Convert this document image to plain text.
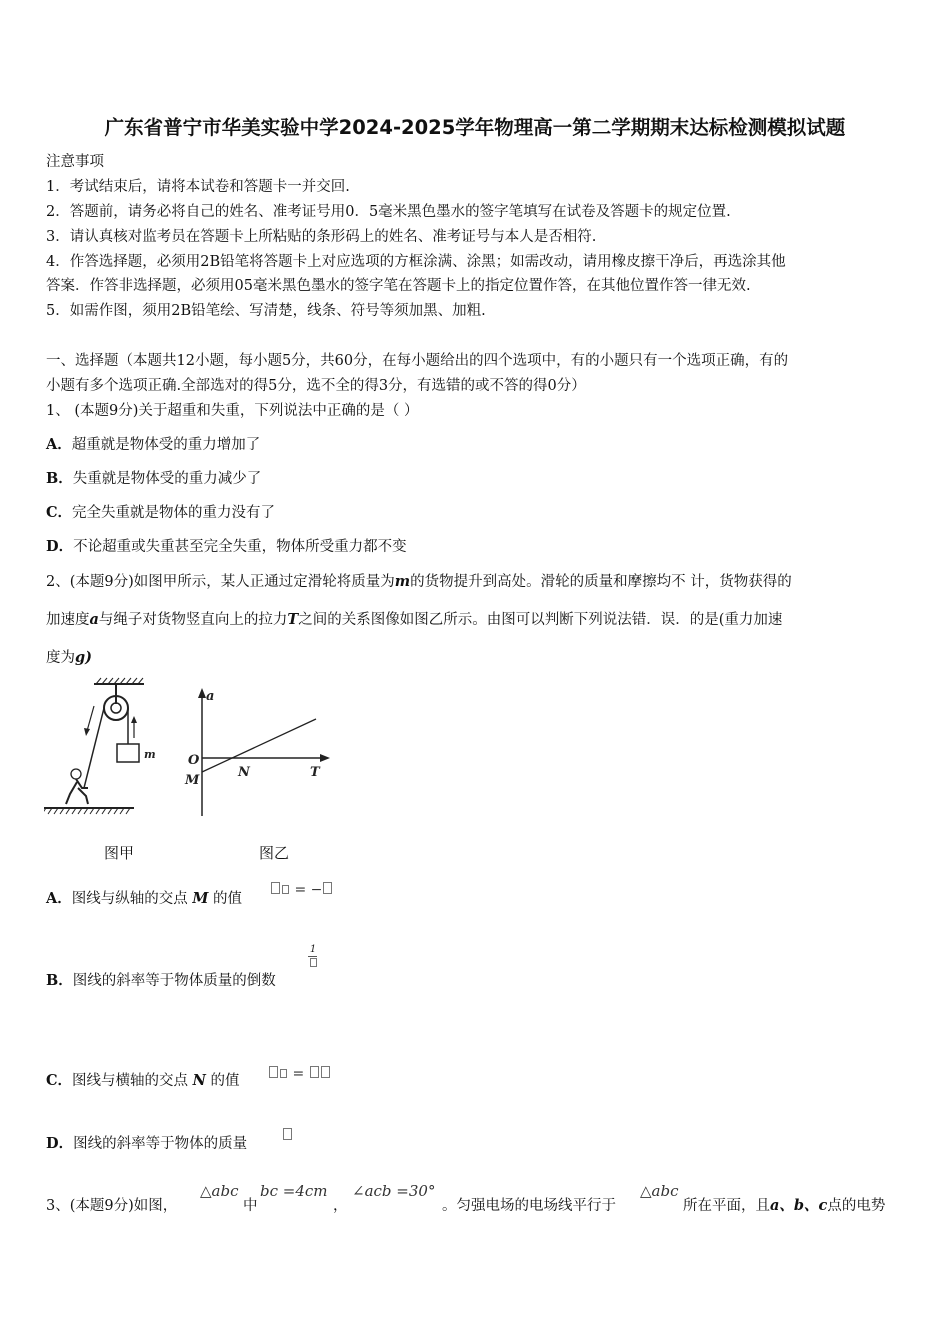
广东省普宁市华美实验中学2024-2025学年物理高一第二学期期末达标检测模拟试题
注意事项
1．考试结束后，请将本试卷和答题卡一并交回.
2．答题前，请务必将自己的姓名、准考证号用0．5毫米黑色墨水的签字笔填写在试卷及答题卡的规定位置.
3．请认真核对监考员在答题卡上所粘贴的条形码上的姓名、准考证号与本人是否相符.
4．作答选择题，必须用2B铅笔将答题卡上对应选项的方框涂满、涂黑；如需改动，请用橡皮擦干净后，再选涂其他
答案．作答非选择题，必须用05毫米黑色墨水的签字笔在答题卡上的指定位置作答，在其他位置作答一律无效.
5．如需作图，须用2B铅笔绘、写清楚，线条、符号等须加黑、加粗.
一、选择题（本题共12小题，每小题5分，共60分，在每小题给出的四个选项中，有的小题只有一个选项正确，有的
小题有多个选项正确.全部选对的得5分，选不全的得3分，有选错的或不答的得0分）
1、 (本题9分)关于超重和失重，下列说法中正确的是（ ）
A．超重就是物体受的重力增加了
B．失重就是物体受的重力减少了
C．完全失重就是物体的重力没有了
D．不论超重或失重甚至完全失重，物体所受重力都不变
2、(本题9分)如图甲所示，某人正通过定滑轮将质量为m的货物提升到高处。滑轮的质量和摩擦均不 计，货物获得的
加速度a与绳子对货物竖直向上的拉力T之间的关系图像如图乙所示。由图可以判断下列说法错．误．的是(重力加速
度为g)
m
a
O
M
N	T
图甲	图乙
A．图线与纵轴的交点 M 的值
= −
B．图线的斜率等于物体质量的倒数
1
C．图线与横轴的交点 N 的值	=
D．图线的斜率等于物体的质量
3、(本题9分)如图，
△abc
中
bc =4cm
，
∠acb =30°
。匀强电场的电场线平行于
△abc
所在平面，且a、b、c点的电势
